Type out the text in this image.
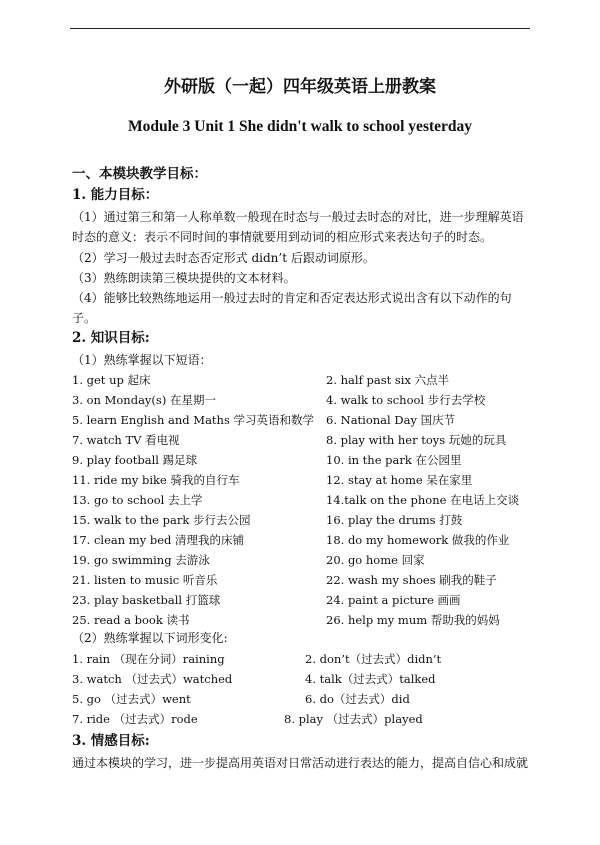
外研版（一起）四年级英语上册教案
Module 3 Unit 1 She didn't walk to school yesterday
一、本模块教学目标：
1. 能力目标：
（1）通过第三和第一人称单数一般现在时态与一般过去时态的对比，进一步理解英语
时态的意义：表示不同时间的事情就要用到动词的相应形式来表达句子的时态。
（2）学习一般过去时态否定形式 didn’t 后跟动词原形。
（3）熟练朗读第三模块提供的文本材料。
（4）能够比较熟练地运用一般过去时的肯定和否定表达形式说出含有以下动作的句
子。
2. 知识目标:
（1）熟练掌握以下短语：
1. get up 起床	2. half past six 六点半
3. on Monday(s) 在星期一	4. walk to school 步行去学校
5. learn English and Maths 学习英语和数学 6. National Day 国庆节
7. watch TV 看电视	8. play with her toys 玩她的玩具
9. play football 踢足球	10. in the park 在公园里
11. ride my bike 骑我的自行车	12. stay at home 呆在家里
13. go to school 去上学	14.talk on the phone 在电话上交谈
15. walk to the park 步行去公园	16. play the drums 打鼓
17. clean my bed 清理我的床铺	18. do my homework 做我的作业
19. go swimming 去游泳	20. go home 回家
21. listen to music 听音乐	22. wash my shoes 刷我的鞋子
23. play basketball 打篮球	24. paint a picture 画画
25. read a book 读书	26. help my mum 帮助我的妈妈
（2）熟练掌握以下词形变化:
1. rain （现在分词）raining	2. don’t（过去式）didn’t
3. watch （过去式）watched	4. talk（过去式）talked
5. go （过去式）went	6. do（过去式）did
7. ride （过去式）rode	8. play （过去式）played
3. 情感目标:
通过本模块的学习，进一步提高用英语对日常活动进行表达的能力，提高自信心和成就
